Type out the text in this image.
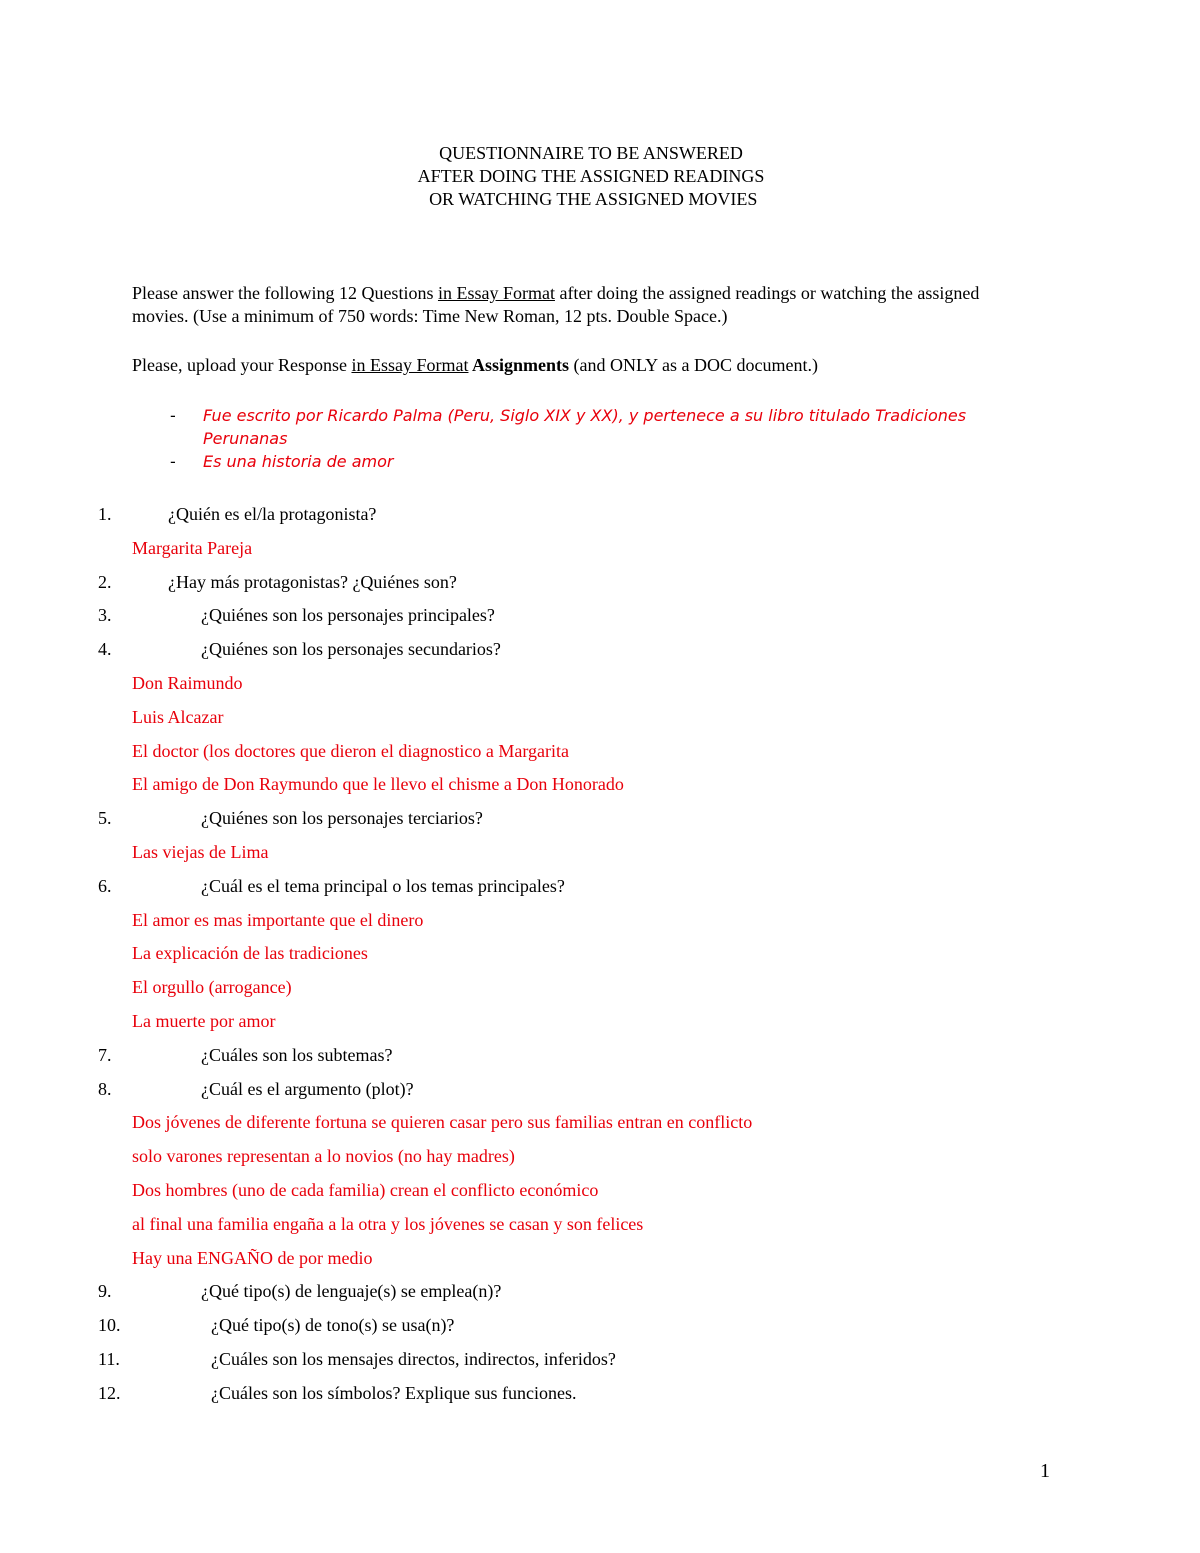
QUESTIONNAIRE TO BE ANSWERED
AFTER DOING THE ASSIGNED READINGS
OR WATCHING THE ASSIGNED MOVIES
Please answer the following 12 Questions in Essay Format after doing the assigned readings or watching the assigned movies. (Use a minimum of 750 words: Time New Roman, 12 pts. Double Space.)
Please, upload your Response in Essay Format Assignments (and ONLY as a DOC document.)
- Fue escrito por Ricardo Palma (Peru, Siglo XIX y XX), y pertenece a su libro titulado Tradiciones Perunanas
- Es una historia de amor
1.	¿Quién es el/la protagonista?
Margarita Pareja
2.	¿Hay más protagonistas? ¿Quiénes son?
3.	¿Quiénes son los personajes principales?
4.	¿Quiénes son los personajes secundarios?
Don Raimundo
Luis Alcazar
El doctor (los doctores que dieron el diagnostico a Margarita
El amigo de Don Raymundo que le llevo el chisme a Don Honorado
5.	¿Quiénes son los personajes terciarios?
Las viejas de Lima
6.	¿Cuál es el tema principal o los temas principales?
El amor es mas importante que el dinero
La explicación de las tradiciones
El orgullo (arrogance)
La muerte por amor
7.	¿Cuáles son los subtemas?
8.	¿Cuál es el argumento (plot)?
Dos jóvenes de diferente fortuna se quieren casar pero sus familias entran en conflicto
solo varones representan a lo novios (no hay madres)
Dos hombres (uno de cada familia) crean el conflicto económico
al final una familia engaña a la otra y los jóvenes se casan y son felices
Hay una ENGAÑO de por medio
9.	¿Qué tipo(s) de lenguaje(s) se emplea(n)?
10.	¿Qué tipo(s) de tono(s) se usa(n)?
11.	¿Cuáles son los mensajes directos, indirectos, inferidos?
12.	¿Cuáles son los símbolos? Explique sus funciones.
1
